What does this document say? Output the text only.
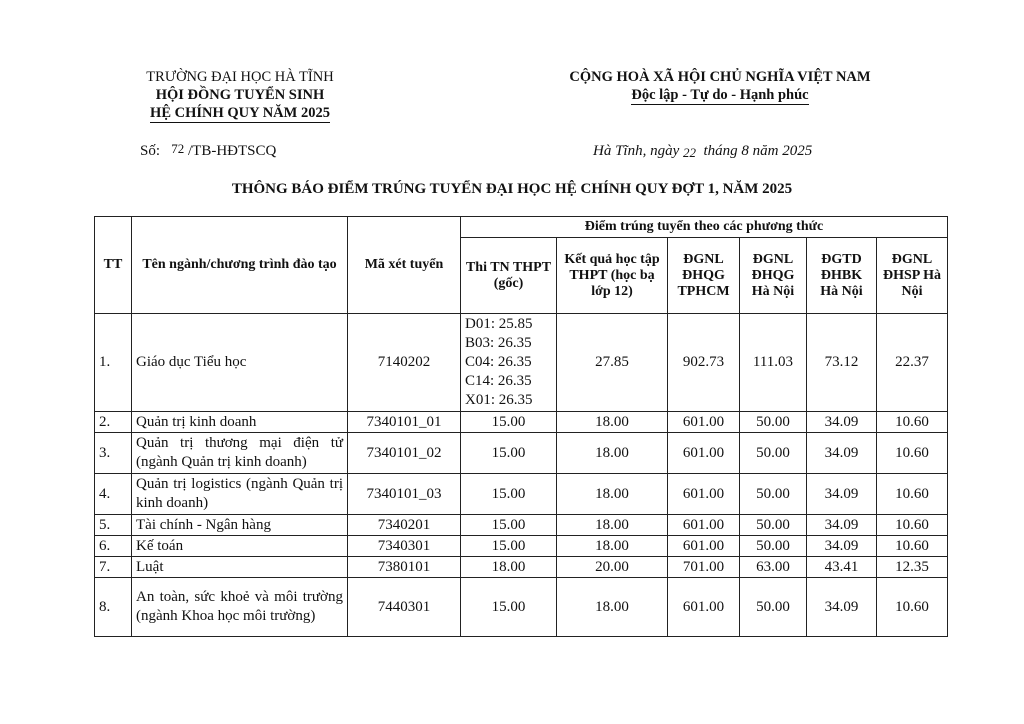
TRƯỜNG ĐẠI HỌC HÀ TĨNH
HỘI ĐỒNG TUYỂN SINH
HỆ CHÍNH QUY NĂM 2025
CỘNG HOÀ XÃ HỘI CHỦ NGHĨA VIỆT NAM
Độc lập - Tự do - Hạnh phúc
Số: 72 /TB-HĐTSCQ	Hà Tĩnh, ngày 22 tháng 8 năm 2025
THÔNG BÁO ĐIỂM TRÚNG TUYỂN ĐẠI HỌC HỆ CHÍNH QUY ĐỢT 1, NĂM 2025
TT	Tên ngành/chương trình đào tạo	Mã xét tuyển	Điểm trúng tuyển theo các phương thức					
			Thi TN THPT (gốc)	Kết quả học tập THPT (học bạ lớp 12)	ĐGNL ĐHQG TPHCM	ĐGNL ĐHQG Hà Nội	ĐGTD ĐHBK Hà Nội	ĐGNL ĐHSP Hà Nội
1.	Giáo dục Tiểu học	7140202	D01: 25.85
B03: 26.35
C04: 26.35
C14: 26.35
X01: 26.35	27.85	902.73	111.03	73.12	22.37
2.	Quản trị kinh doanh	7340101_01	15.00	18.00	601.00	50.00	34.09	10.60
3.	Quản trị thương mại điện tử (ngành Quản trị kinh doanh)	7340101_02	15.00	18.00	601.00	50.00	34.09	10.60
4.	Quản trị logistics (ngành Quản trị kinh doanh)	7340101_03	15.00	18.00	601.00	50.00	34.09	10.60
5.	Tài chính - Ngân hàng	7340201	15.00	18.00	601.00	50.00	34.09	10.60
6.	Kế toán	7340301	15.00	18.00	601.00	50.00	34.09	10.60
7.	Luật	7380101	18.00	20.00	701.00	63.00	43.41	12.35
8.	An toàn, sức khoẻ và môi trường (ngành Khoa học môi trường)	7440301	15.00	18.00	601.00	50.00	34.09	10.60
